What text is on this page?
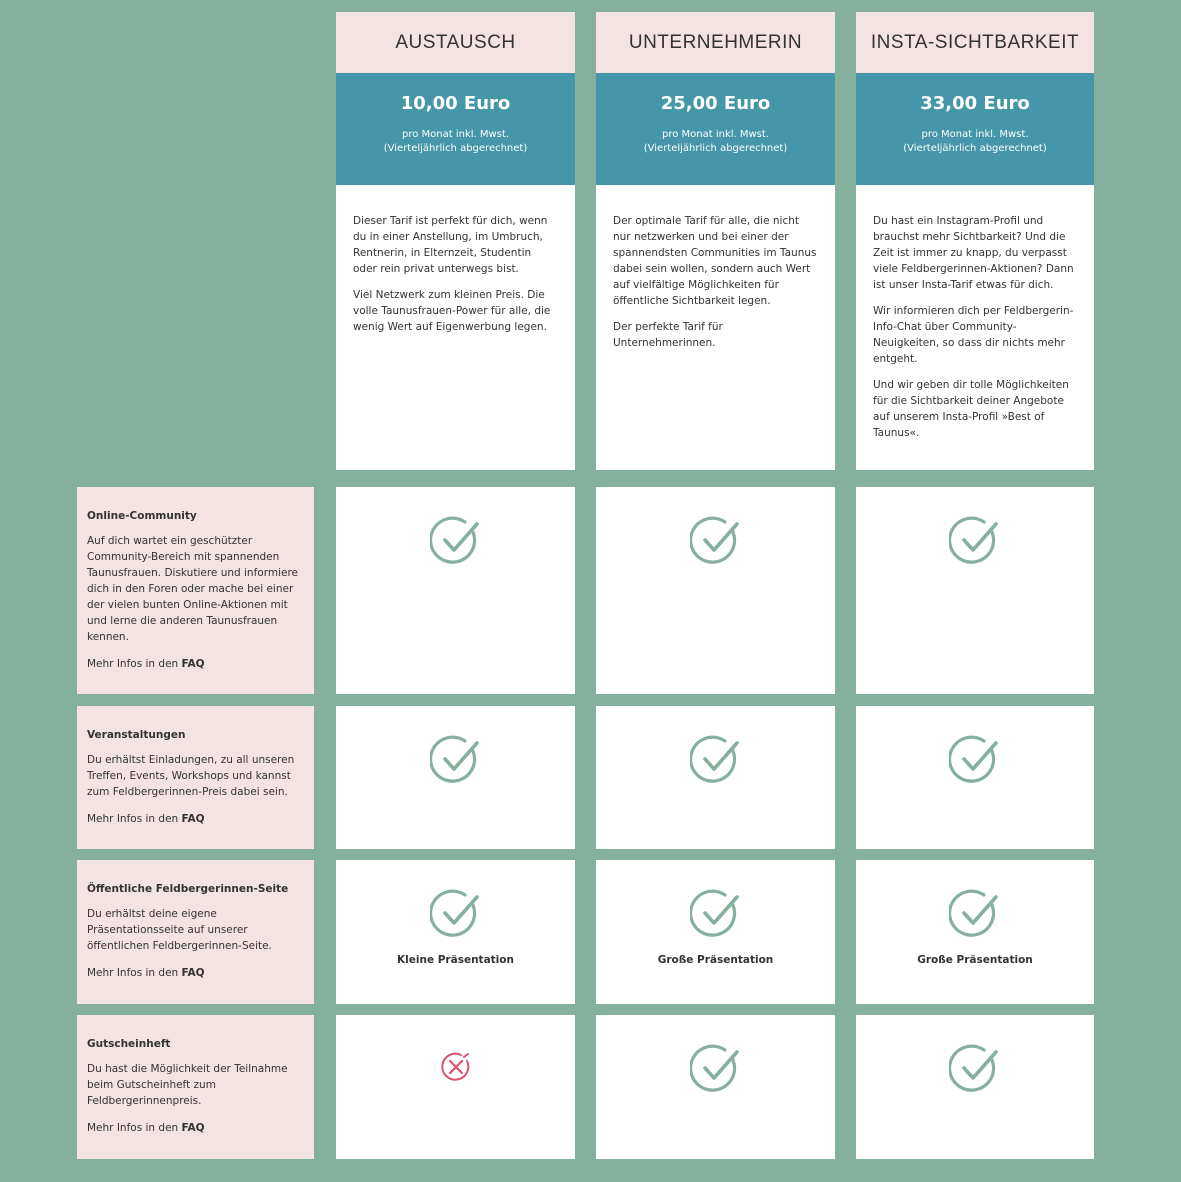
AUSTAUSCH
10,00 Euro
pro Monat inkl. Mwst.
(Vierteljährlich abgerechnet)

Dieser Tarif ist perfekt für dich, wenn du in einer Anstellung, im Umbruch, Rentnerin, in Elternzeit, Studentin oder rein privat unterwegs bist.

Viel Netzwerk zum kleinen Preis. Die volle Taunusfrauen-Power für alle, die wenig Wert auf Eigenwerbung legen.

UNTERNEHMERIN
25,00 Euro
pro Monat inkl. Mwst.
(Vierteljährlich abgerechnet)

Der optimale Tarif für alle, die nicht nur netzwerken und bei einer der spannendsten Communities im Taunus dabei sein wollen, sondern auch Wert auf vielfältige Möglichkeiten für öffentliche Sichtbarkeit legen.

Der perfekte Tarif für Unternehmerinnen.

INSTA-SICHTBARKEIT
33,00 Euro
pro Monat inkl. Mwst.
(Vierteljährlich abgerechnet)

Du hast ein Instagram-Profil und brauchst mehr Sichtbarkeit? Und die Zeit ist immer zu knapp, du verpasst viele Feldbergerinnen-Aktionen? Dann ist unser Insta-Tarif etwas für dich.

Wir informieren dich per Feldbergerin-Info-Chat über Community-Neuigkeiten, so dass dir nichts mehr entgeht.

Und wir geben dir tolle Möglichkeiten für die Sichtbarkeit deiner Angebote auf unserem Insta-Profil »Best of Taunus«.

Online-Community
Auf dich wartet ein geschützter Community-Bereich mit spannenden Taunusfrauen. Diskutiere und informiere dich in den Foren oder mache bei einer der vielen bunten Online-Aktionen mit und lerne die anderen Taunusfrauen kennen.
Mehr Infos in den FAQ
Veranstaltungen
Du erhältst Einladungen, zu all unseren Treffen, Events, Workshops und kannst zum Feldbergerinnen-Preis dabei sein.
Mehr Infos in den FAQ
Öffentliche Feldbergerinnen-Seite
Du erhältst deine eigene Präsentationsseite auf unserer öffentlichen Feldbergerinnen-Seite.
Mehr Infos in den FAQ
Kleine Präsentation	Große Präsentation	Große Präsentation
Gutscheinheft
Du hast die Möglichkeit der Teilnahme beim Gutscheinheft zum Feldbergerinnenpreis.
Mehr Infos in den FAQ
